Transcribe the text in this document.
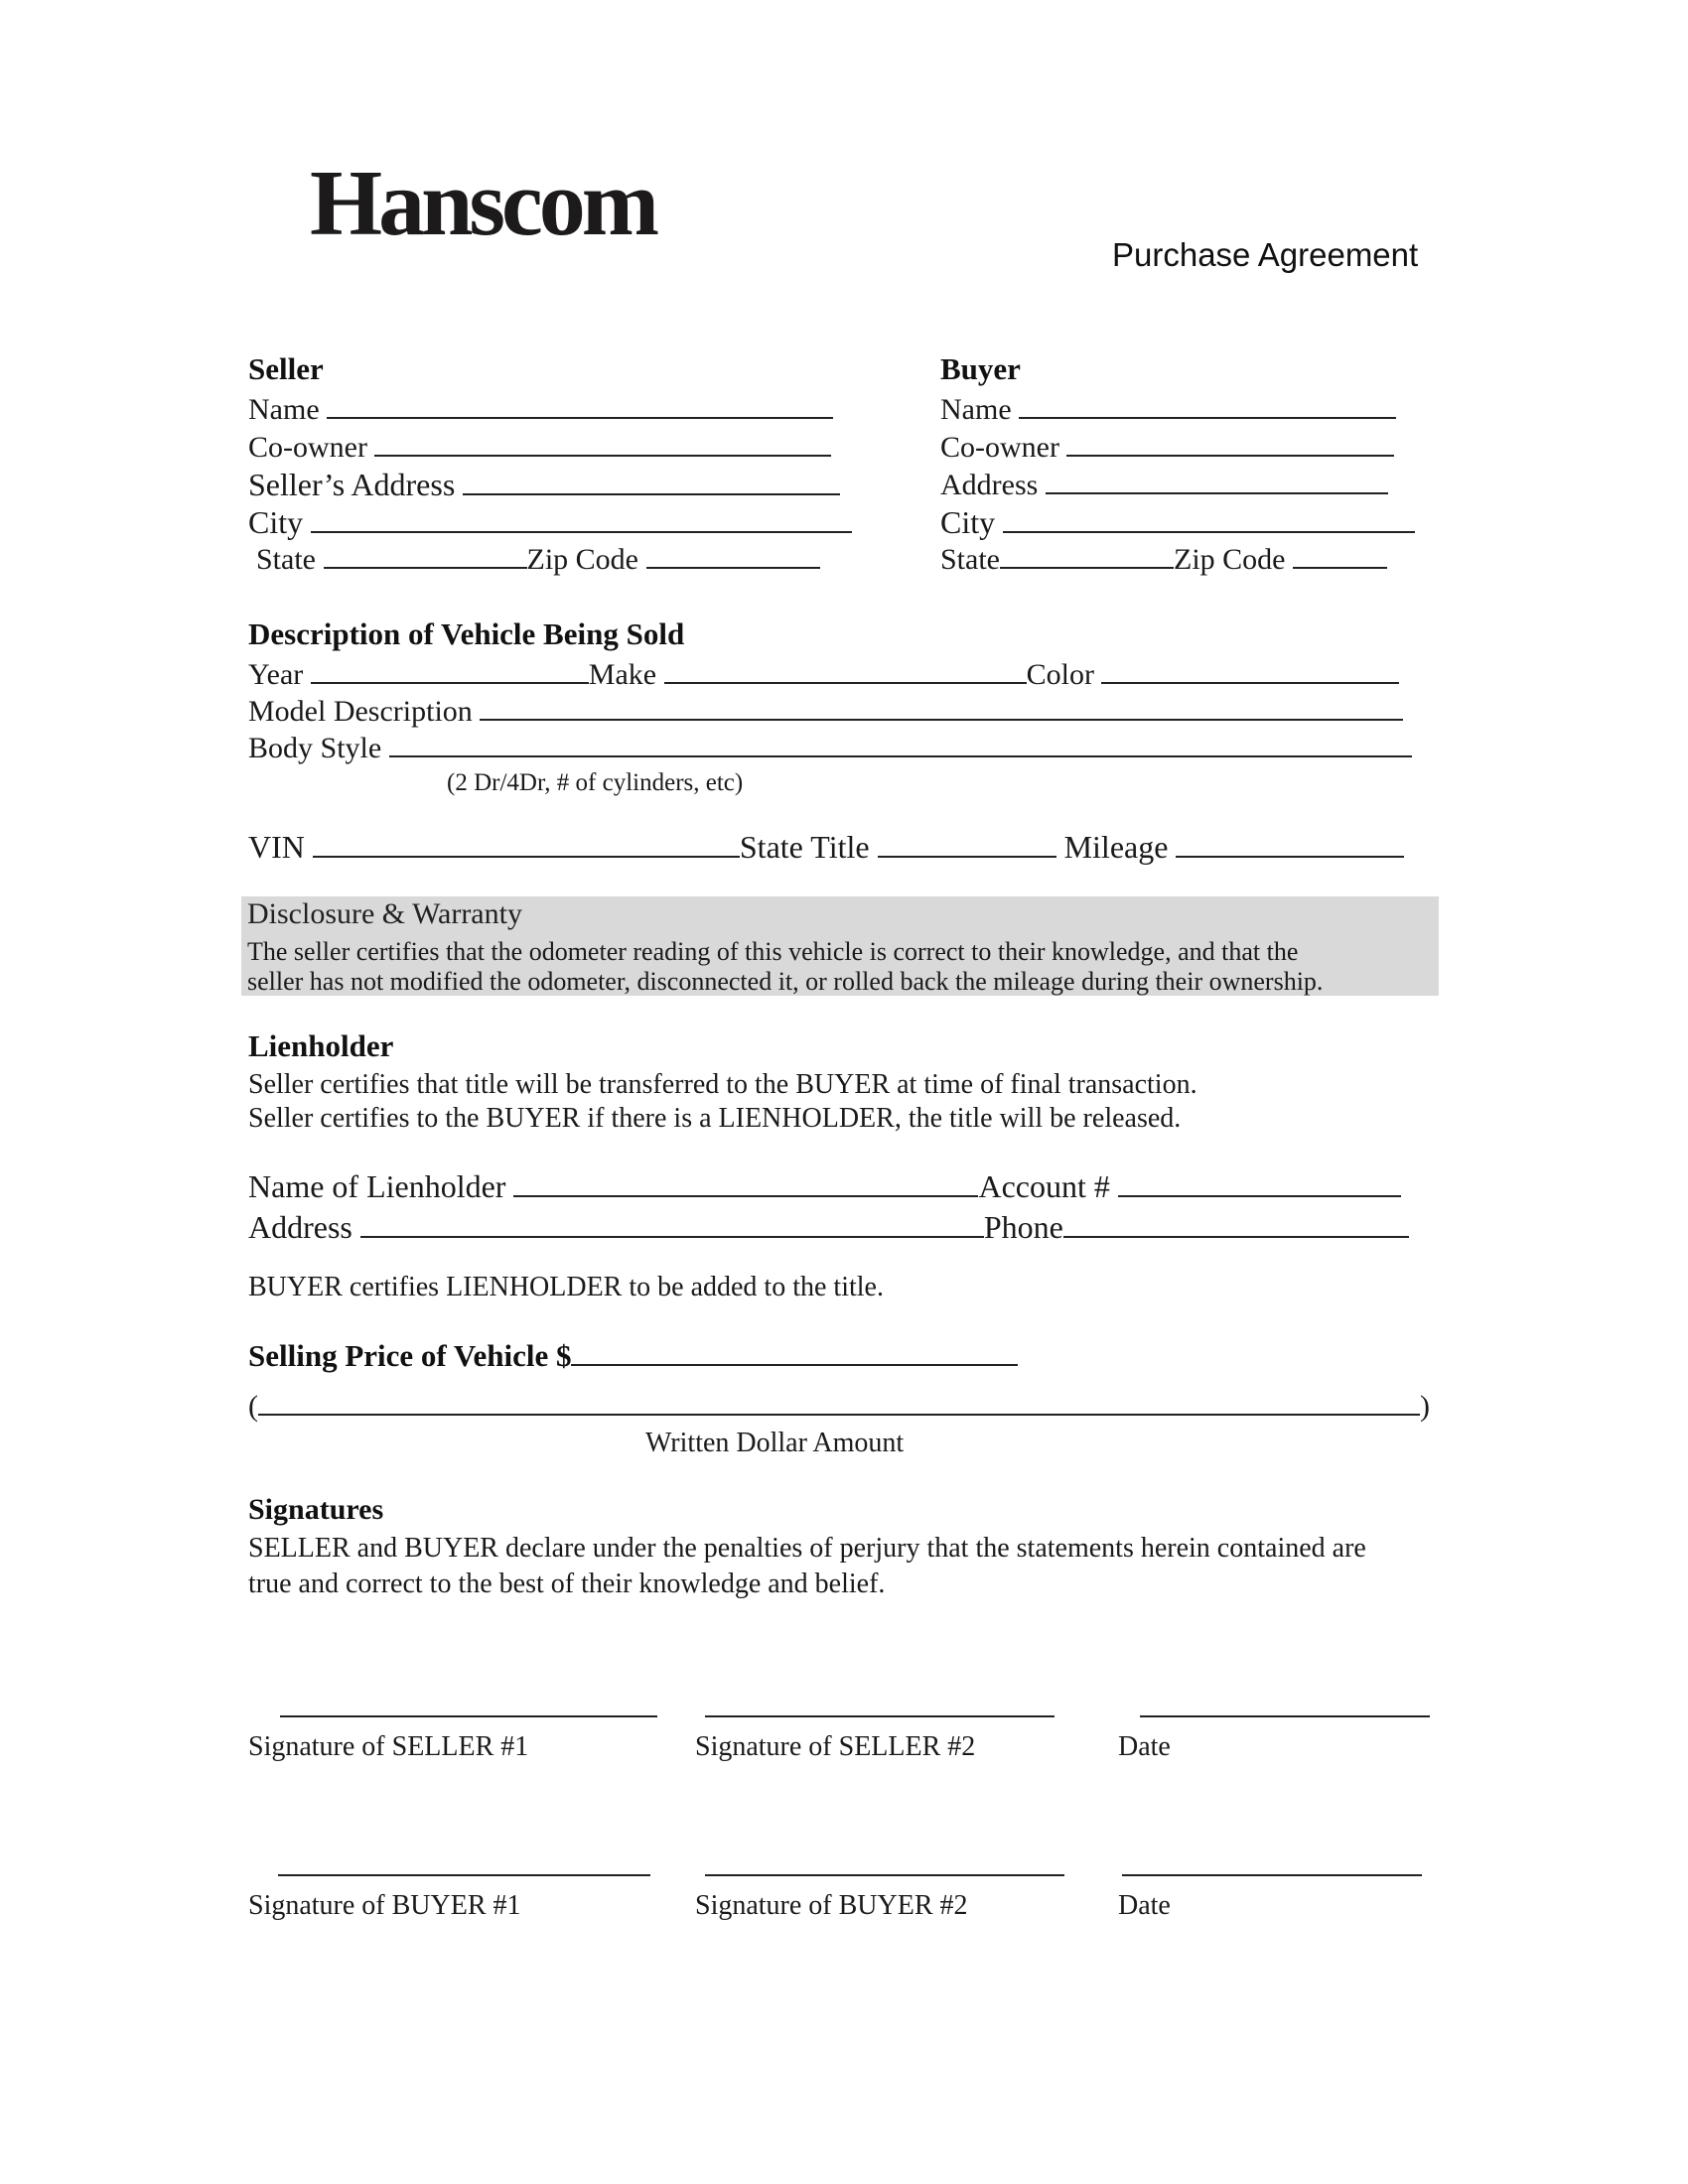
Hanscom	Purchase Agreement
Seller
Name
Co-owner
Seller’s Address
City
State	Zip Code
Buyer
Name
Co-owner
Address
City
State	Zip Code
Description of Vehicle Being Sold
Year	Make	Color
Model Description
Body Style
(2 Dr/4Dr, # of cylinders, etc)
VIN	State Title	Mileage
Disclosure & Warranty
The seller certifies that the odometer reading of this vehicle is correct to their knowledge, and that the
seller has not modified the odometer, disconnected it, or rolled back the mileage during their ownership.
Lienholder
Seller certifies that title will be transferred to the BUYER at time of final transaction.
Seller certifies to the BUYER if there is a LIENHOLDER, the title will be released.
Name of Lienholder	Account #
Address	Phone
BUYER certifies LIENHOLDER to be added to the title.
Selling Price of Vehicle $
(	)
Written Dollar Amount
Signatures
SELLER and BUYER declare under the penalties of perjury that the statements herein contained are
true and correct to the best of their knowledge and belief.
Signature of SELLER #1	Signature of SELLER #2	Date
Signature of BUYER #1	Signature of BUYER #2	Date
